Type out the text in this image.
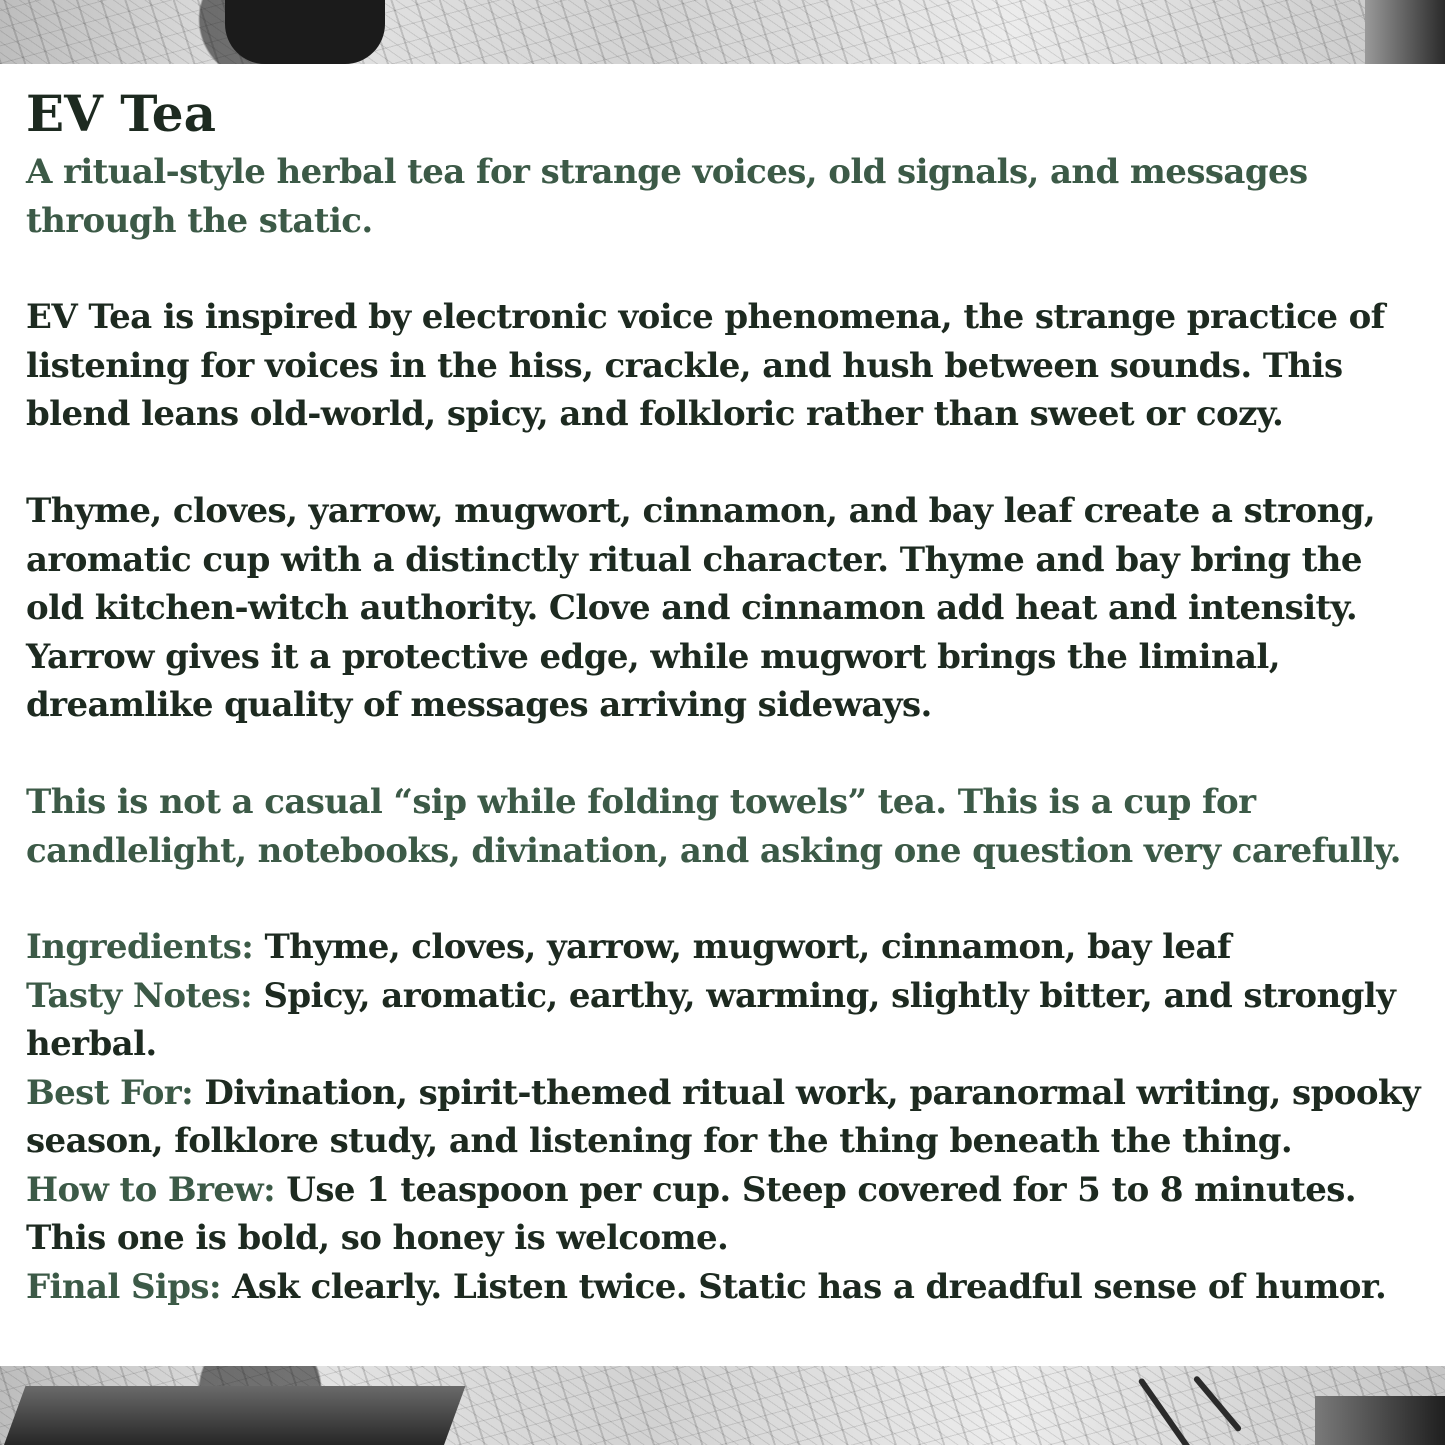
EV Tea

A ritual-style herbal tea for strange voices, old signals, and messages through the static.

EV Tea is inspired by electronic voice phenomena, the strange practice of listening for voices in the hiss, crackle, and hush between sounds. This blend leans old-world, spicy, and folkloric rather than sweet or cozy.

Thyme, cloves, yarrow, mugwort, cinnamon, and bay leaf create a strong, aromatic cup with a distinctly ritual character. Thyme and bay bring the old kitchen-witch authority. Clove and cinnamon add heat and intensity. Yarrow gives it a protective edge, while mugwort brings the liminal, dreamlike quality of messages arriving sideways.

This is not a casual “sip while folding towels” tea. This is a cup for candlelight, notebooks, divination, and asking one question very carefully.

Ingredients: Thyme, cloves, yarrow, mugwort, cinnamon, bay leaf
Tasty Notes: Spicy, aromatic, earthy, warming, slightly bitter, and strongly herbal.
Best For: Divination, spirit-themed ritual work, paranormal writing, spooky season, folklore study, and listening for the thing beneath the thing.
How to Brew: Use 1 teaspoon per cup. Steep covered for 5 to 8 minutes. This one is bold, so honey is welcome.
Final Sips: Ask clearly. Listen twice. Static has a dreadful sense of humor.
